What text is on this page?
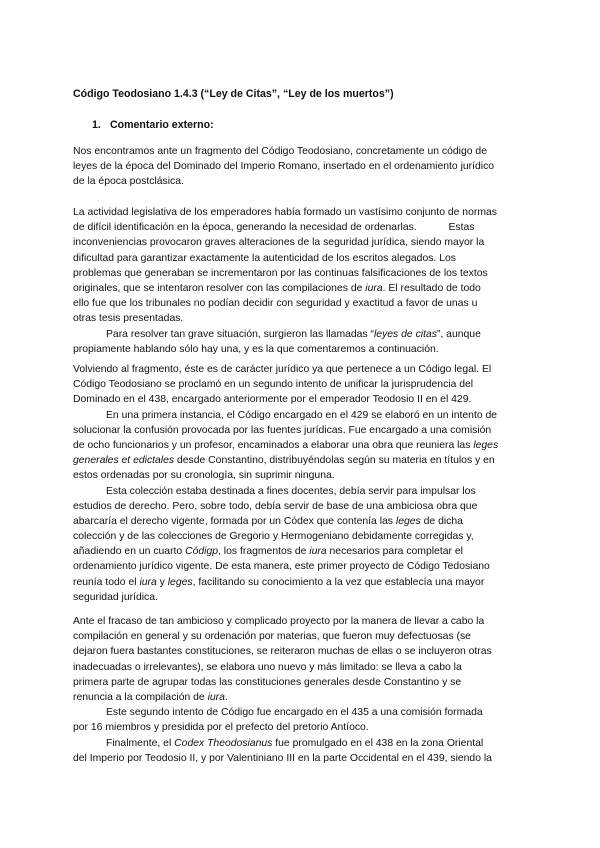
Código Teodosiano 1.4.3 (“Ley de Citas”, “Ley de los muertos”)
1. Comentario externo:
Nos encontramos ante un fragmento del Código Teodosiano, concretamente un código de
leyes de la época del Dominado del Imperio Romano, insertado en el ordenamiento jurídico
de la época postclásica.
La actividad legislativa de los emperadores había formado un vastísimo conjunto de normas
de difícil identificación en la época, generando la necesidad de ordenarlas.           Estas
inconveniencias provocaron graves alteraciones de la seguridad jurídica, siendo mayor la
dificultad para garantizar exactamente la autenticidad de los escritos alegados. Los
problemas que generaban se incrementaron por las continuas falsificaciones de los textos
originales, que se intentaron resolver con las compilaciones de iura. El resultado de todo
ello fue que los tribunales no podían decidir con seguridad y exactitud a favor de unas u
otras tesis presentadas.
Para resolver tan grave situación, surgieron las llamadas “leyes de citas”, aunque
propiamente hablando sólo hay una, y es la que comentaremos a continuación.
Volviendo al fragmento, éste es de carácter jurídico ya que pertenece a un Código legal. El
Código Teodosiano se proclamó en un segundo intento de unificar la jurisprudencia del
Dominado en el 438, encargado anteriormente por el emperador Teodosio II en el 429.
En una primera instancia, el Código encargado en el 429 se elaboró en un intento de
solucionar la confusión provocada por las fuentes jurídicas. Fue encargado a una comisión
de ocho funcionarios y un profesor, encaminados a elaborar una obra que reuniera las leges
generales et edictales desde Constantino, distribuyéndolas según su materia en títulos y en
estos ordenadas por su cronología, sin suprimir ninguna.
Esta colección estaba destinada a fines docentes, debía servir para impulsar los
estudios de derecho. Pero, sobre todo, debía servir de base de una ambiciosa obra que
abarcaría el derecho vigente, formada por un Códex que contenía las leges de dicha
colección y de las colecciones de Gregorio y Hermogeniano debidamente corregidas y,
añadiendo en un cuarto Códigp, los fragmentos de iura necesarios para completar el
ordenamiento jurídico vigente. De esta manera, este primer proyecto de Código Tedosiano
reunía todo el iura y leges, facilitando su conocimiento a la vez que establecía una mayor
seguridad jurídica.
Ante el fracaso de tan ambicioso y complicado proyecto por la manera de llevar a cabo la
compilación en general y su ordenación por materias, que fueron muy defectuosas (se
dejaron fuera bastantes constituciones, se reiteraron muchas de ellas o se incluyeron otras
inadecuadas o irrelevantes), se elabora uno nuevo y más limitado: se lleva a cabo la
primera parte de agrupar todas las constituciones generales desde Constantino y se
renuncia a la compilación de iura.
Este segundo intento de Código fue encargado en el 435 a una comisión formada
por 16 miembros y presidida por el prefecto del pretorio Antíoco.
Finalmente, el Codex Theodosianus fue promulgado en el 438 en la zona Oriental
del Imperio por Teodosio II, y por Valentiniano III en la parte Occidental en el 439, siendo la
